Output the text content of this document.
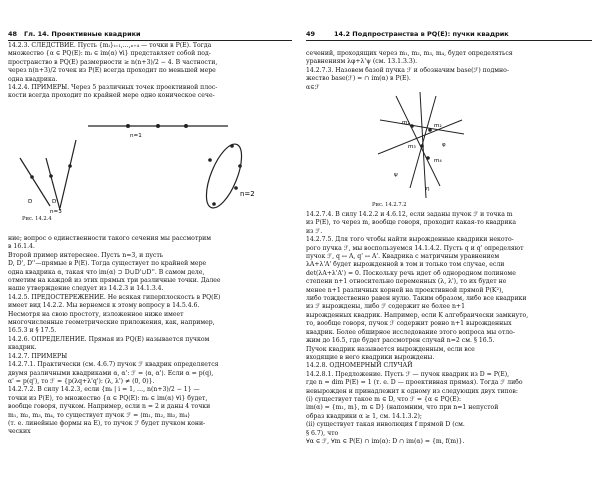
48 Гл. 14. Проективные квадрики
14.2.3. СЛЕДСТВИЕ. Пусть {mᵢ}ᵢ₌₁,…,ₙ₊₄ — точки в P(E). Тогда
множество {α ∈ PQ(E): mᵢ ∈ im(α) ∀i} представляет собой под-
пространство в PQ(E) размерности ≥ n(n+3)/2 − 4. В частности,
через n(n+3)/2 точек из P(E) всегда проходит по меньшей мере
одна квадрика.
14.2.4. ПРИМЕРЫ. Через 5 различных точек проективной плос-
кости всегда проходит по крайней мере одно коническое сече-
n=1
D	D'
n=3
n=2
Рис. 14.2.4
ние; вопрос о единственности такого сечения мы рассмотрим
в 16.1.4.
Второй пример интереснее. Пусть n=3, и пусть
D, D', D''—прямые в P(E). Тогда существует по крайней мере
одна квадрика α, такая что im(α) ⊃ D∪D'∪D''. В самом деле,
отметим на каждой из этих прямых три различные точки. Далее
наше утверждение следует из 14.2.3 и 14.1.3.4.
14.2.5. ПРЕДОСТЕРЕЖЕНИЕ. Не всякая гиперплоскость в PQ(E)
имеет вид 14.2.2. Мы вернемся к этому вопросу в 14.5.4.6.
Несмотря на свою простоту, изложенное ниже имеет
многочисленные геометрические приложения, как, например,
16.5.3 и § 17.5.
14.2.6. ОПРЕДЕЛЕНИЕ. Прямая из PQ(E) называется пучком
квадрик.
14.2.7. ПРИМЕРЫ
14.2.7.1. Практически (см. 4.6.7) пучок ℱ квадрик определяется
двумя различными квадриками α, α': ℱ = ⟨α, α'⟩. Если α = p(q),
α' = p(q'), то ℱ = {p(λq+λ'q'): (λ, λ') ≠ (0, 0)}.
14.2.7.2. В силу 14.2.3, если {mᵢ | i = 1, …, n(n+3)/2 − 1} —
точки из P(E), то множество {α ∈ PQ(E): mᵢ ∈ im(α) ∀i} будет,
вообще говоря, пучком. Например, если n = 2 и даны 4 точки
m₁, m₂, m₃, m₄, то существует пучок ℱ = ⟨m₁, m₂, m₃, m₄⟩
(т. е. линейные формы на E), то пучок ℱ будет пучком кони-
ческих
49	14.2 Подпространства в PQ(E): пучки квадрик
сечений, проходящих через m₁, m₂, m₃, m₄, будет определяться
уравнениям λφ+λ'ψ (см. 13.1.3.3).
14.2.7.3. Назовем базой пучка ℱ и обозначим base(ℱ) подмно-
жество base(ℱ) = ∩ im(α) в P(E).
α∈ℱ
m₁	m₂
m₃
m₄
φ
ψ
η
Рис. 14.2.7.2
14.2.7.4. В силу 14.2.2 и 4.6.12, если заданы пучок ℱ и точка m
из P(E), то через m, вообще говоря, проходит какая-то квадрика
из ℱ.
14.2.7.5. Для того чтобы найти вырожденные квадрики некото-
рого пучка ℱ, мы воспользуемся 14.1.4.2. Пусть q и q' определяют
пучок ℱ, q ↔ A, q' ↔ A'. Квадрика с матричным уравнением
λA+λ'A' будет вырожденной в том и только том случае, если
det(λA+λ'A') = 0. Поскольку речь идет об однородном полиноме
степени n+1 относительно переменных (λ, λ'), то их будет не
менее n+1 различных корней на проективной прямой P(K²),
либо тождественно равен нулю. Таким образом, либо все квадрики
из ℱ вырождены, либо ℱ содержит не более n+1
вырожденных квадрик. Например, если K алгебраически замкнуто,
то, вообще говоря, пучок ℱ содержит ровно n+1 вырожденных
квадрик. Более обширное исследование этого вопроса мы отло-
жим до 16.5, где будет рассмотрен случай n=2 см. § 16.5.
Пучок квадрик называется вырожденным, если все
входящие в него квадрики вырождены.
14.2.8. ОДНОМЕРНЫЙ СЛУЧАЙ
14.2.8.1. Предложение. Пусть ℱ — пучок квадрик из D = P(E),
где n = dim P(E) = 1 (т. е. D — проективная прямая). Тогда ℱ либо
невырожден и принадлежит к одному из следующих двух типов:
(i) существует такое m ∈ D, что ℱ = {α ∈ PQ(E):
im(α) = {m₁, m}, m ∈ D} (напомним, что при n=1 непустой
образ квадрики α ≥ 1, см. 14.1.3.2);
(ii) существует такая инволюция f прямой D (см.
§ 6.7), что
∀α ∈ ℱ, ∀m ∈ P(E) ∩ im(α): D ∩ im(α) = {m, f(m)}.
